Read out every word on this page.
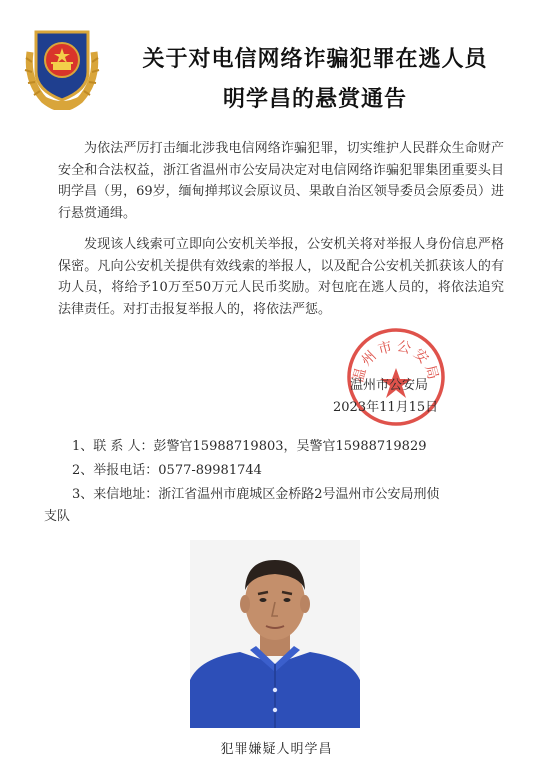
关于对电信网络诈骗犯罪在逃人员
明学昌的悬赏通告

为依法严厉打击缅北涉我电信网络诈骗犯罪，切实维护人民群众生命财产安全和合法权益，浙江省温州市公安局决定对电信网络诈骗犯罪集团重要头目明学昌（男，69岁，缅甸掸邦议会原议员、果敢自治区领导委员会原委员）进行悬赏通缉。

发现该人线索可立即向公安机关举报，公安机关将对举报人身份信息严格保密。凡向公安机关提供有效线索的举报人，以及配合公安机关抓获该人的有功人员，将给予10万至50万元人民币奖励。对包庇在逃人员的，将依法追究法律责任。对打击报复举报人的，将依法严惩。

温州市公安局
温州市公安局
2023年11月15日

1、联 系 人：彭警官15988719803，吴警官15988719829

2、举报电话：0577-89981744

3、来信地址：浙江省温州市鹿城区金桥路2号温州市公安局刑侦

支队

犯罪嫌疑人明学昌
